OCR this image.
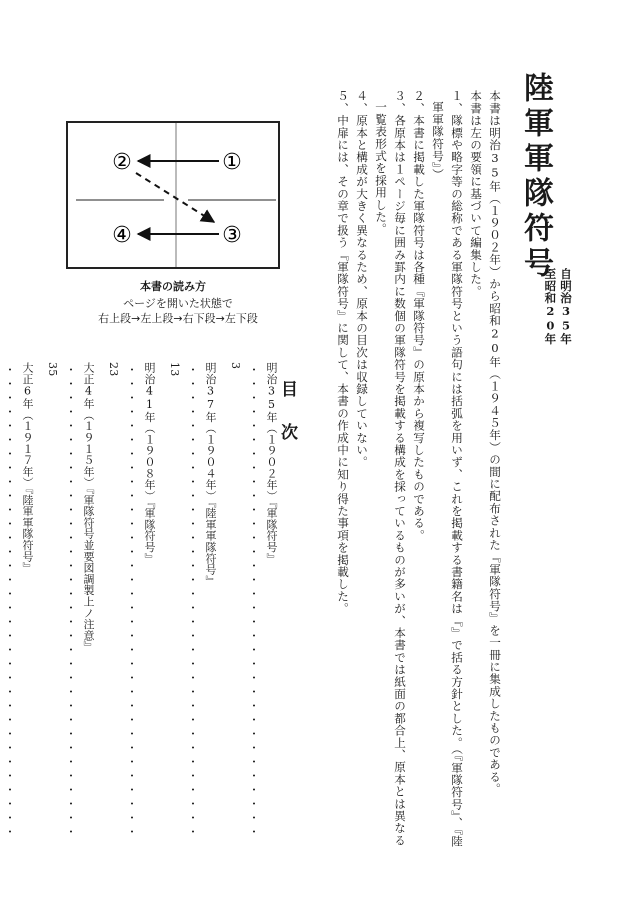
陸軍軍隊符号
自明治35年
至昭和20年

本書は明治35年（１９０２年）から昭和20年（１９４５年）の間に配布された『軍隊符号』を一冊に集成したものである。

本書は左の要領に基づいて編集した。

１、隊標や略字等の総称である軍隊符号という語句には括弧を用いず、これを掲載する書籍名は『』で括る方針とした。（『軍隊符号』、『陸

軍軍隊符号』）

２、本書に掲載した軍隊符号は各種『軍隊符号』の原本から複写したものである。

３、各原本は１ページ毎に囲み罫内に数個の軍隊符号を掲載する構成を採っているものが多いが、本書では紙面の都合上、原本とは異なる

一覧表形式を採用した。

４、原本と構成が大きく異なるため、原本の目次は収録していない。

５、中扉には、その章で扱う『軍隊符号』に関して、本書の作成中に知り得た事項を掲載した。

①
②
③
④
本書の読み方
ページを開いた状態で
右上段→左上段→右下段→左下段
目次
明治35年（１９０２年）『軍隊符号』
・・・・・・・・・・・・・・・・・・・・・・・・・・・・・・・・・・
3
明治37年（１９０４年）『陸軍軍隊符号』
・・・・・・・・・・・・・・・・・・・・・・・・・・・・・・・・・・
13
明治41年（１９０８年）『軍隊符号』
・・・・・・・・・・・・・・・・・・・・・・・・・・・・・・・・・・
23
大正4年（１９１５年）『軍隊符号並要図調製上ノ注意』
・・・・・・・・・・・・・・・・・・・・・・・・・・・・・・・・・・
35
大正6年（１９１７年）『陸軍軍隊符号』
・・・・・・・・・・・・・・・・・・・・・・・・・・・・・・・・・・
